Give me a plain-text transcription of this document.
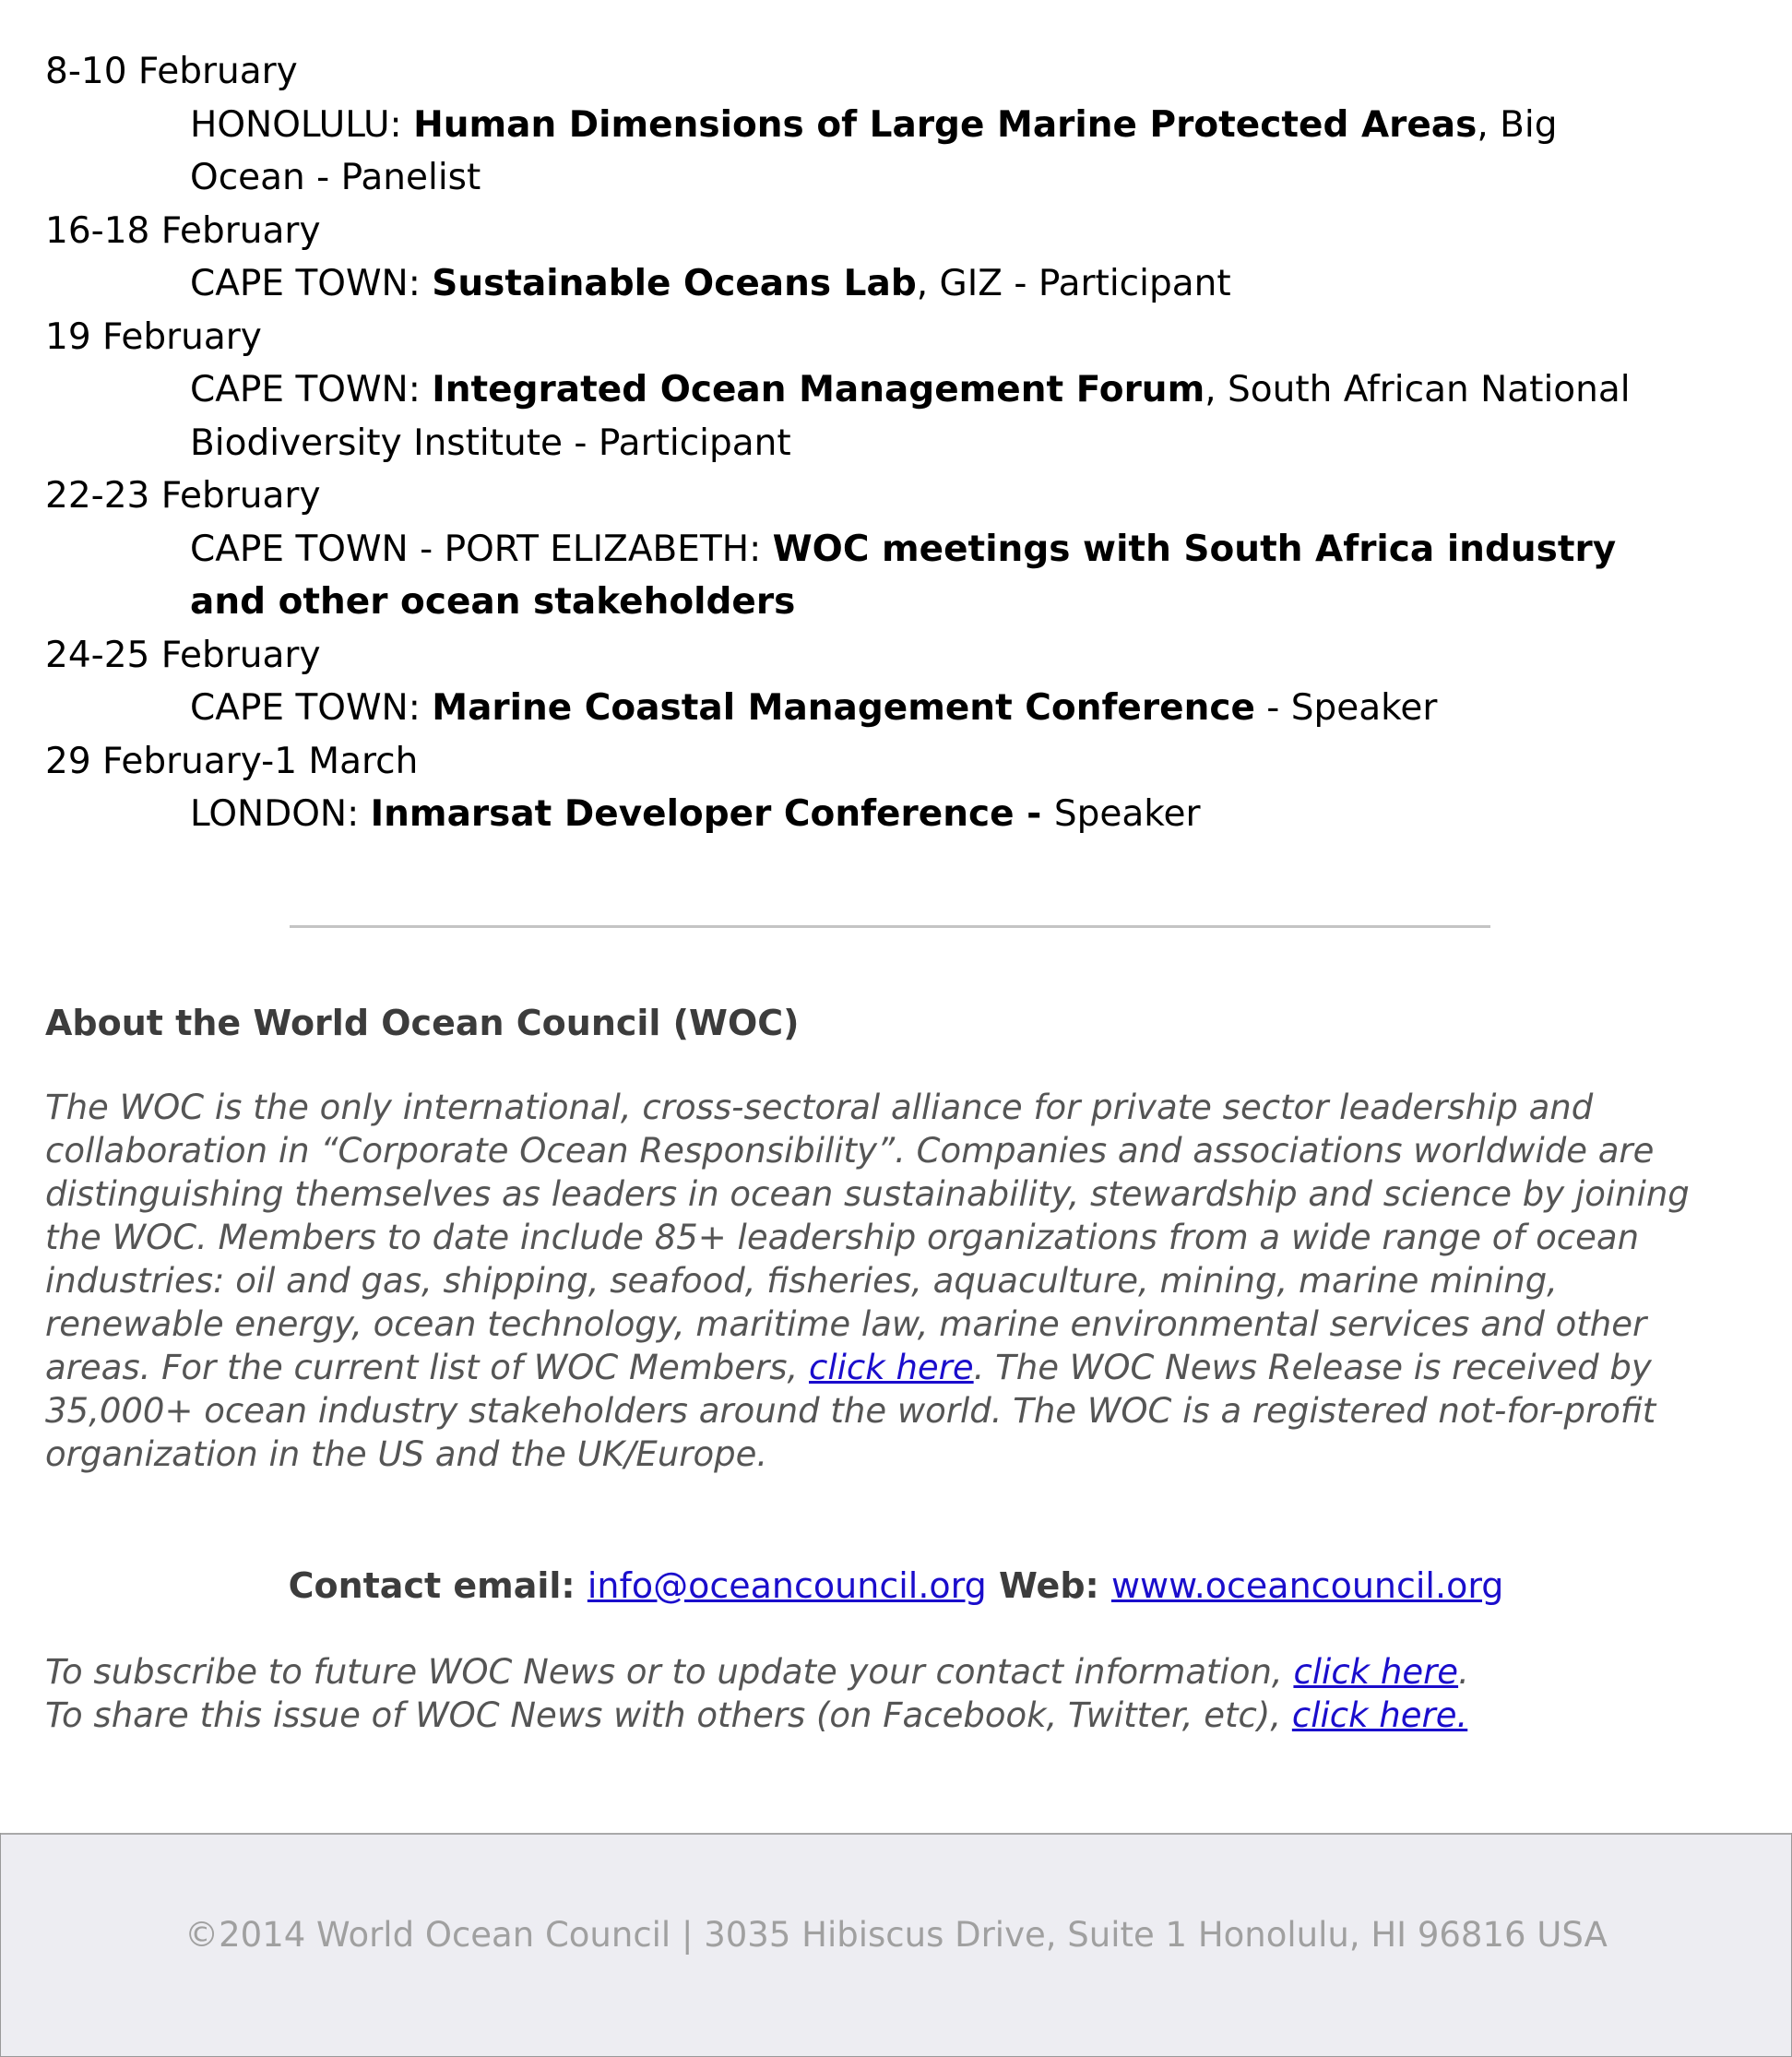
8-10 February

HONOLULU: Human Dimensions of Large Marine Protected Areas, Big Ocean - Panelist

16-18 February

CAPE TOWN: Sustainable Oceans Lab, GIZ - Participant

19 February

CAPE TOWN: Integrated Ocean Management Forum, South African National Biodiversity Institute - Participant

22-23 February

CAPE TOWN - PORT ELIZABETH: WOC meetings with South Africa industry and other ocean stakeholders

24-25 February

CAPE TOWN: Marine Coastal Management Conference - Speaker

29 February-1 March

LONDON: Inmarsat Developer Conference - Speaker

About the World Ocean Council (WOC)

The WOC is the only international, cross-sectoral alliance for private sector leadership and collaboration in “Corporate Ocean Responsibility”. Companies and associations worldwide are distinguishing themselves as leaders in ocean sustainability, stewardship and science by joining the WOC. Members to date include 85+ leadership organizations from a wide range of ocean industries: oil and gas, shipping, seafood, fisheries, aquaculture, mining, marine mining, renewable energy, ocean technology, maritime law, marine environmental services and other areas. For the current list of WOC Members, click here. The WOC News Release is received by 35,000+ ocean industry stakeholders around the world. The WOC is a registered not-for-profit organization in the US and the UK/Europe.

Contact email: info@oceancouncil.org Web: www.oceancouncil.org

To subscribe to future WOC News or to update your contact information, click here.
To share this issue of WOC News with others (on Facebook, Twitter, etc), click here.
©2014 World Ocean Council | 3035 Hibiscus Drive, Suite 1 Honolulu, HI 96816 USA
